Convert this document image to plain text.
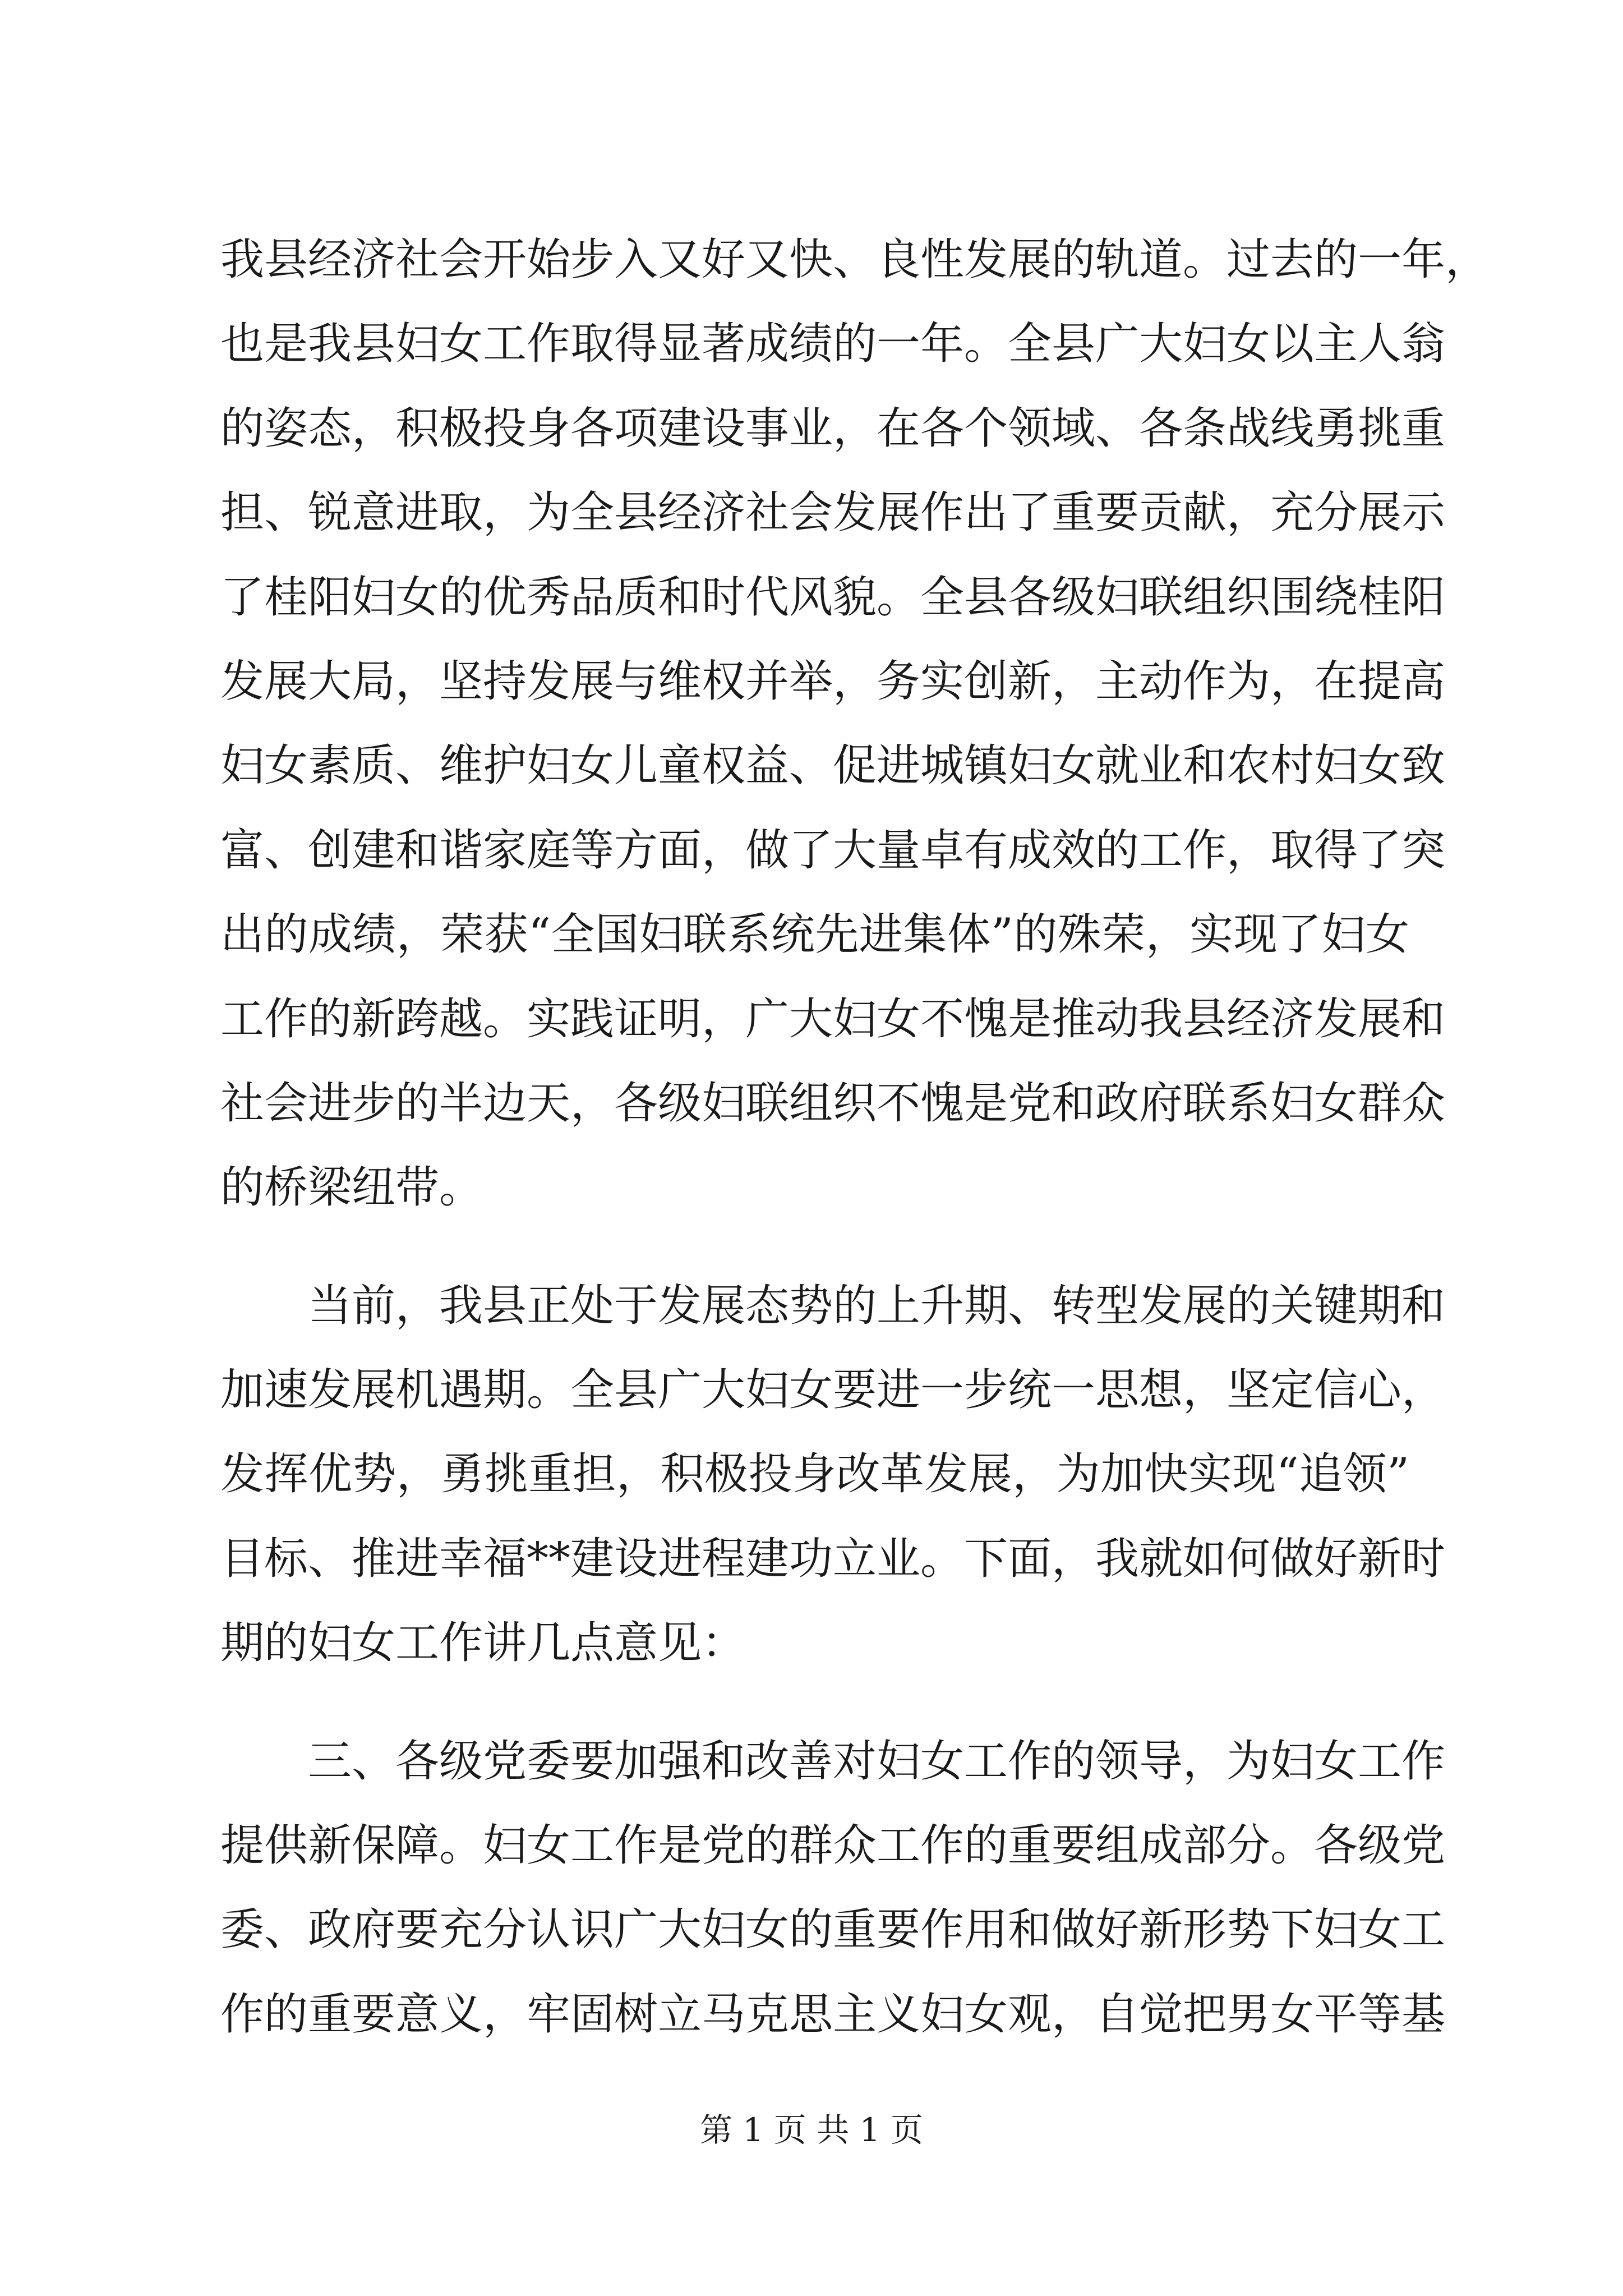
我县经济社会开始步入又好又快、良性发展的轨道。过去的一年，
也是我县妇女工作取得显著成绩的一年。全县广大妇女以主人翁
的姿态，积极投身各项建设事业，在各个领域、各条战线勇挑重
担、锐意进取，为全县经济社会发展作出了重要贡献，充分展示
了桂阳妇女的优秀品质和时代风貌。全县各级妇联组织围绕桂阳
发展大局，坚持发展与维权并举，务实创新，主动作为，在提高
妇女素质、维护妇女儿童权益、促进城镇妇女就业和农村妇女致
富、创建和谐家庭等方面，做了大量卓有成效的工作，取得了突
出的成绩，荣获“全国妇联系统先进集体”的殊荣，实现了妇女
工作的新跨越。实践证明，广大妇女不愧是推动我县经济发展和
社会进步的半边天，各级妇联组织不愧是党和政府联系妇女群众
的桥梁纽带。
当前，我县正处于发展态势的上升期、转型发展的关键期和
加速发展机遇期。全县广大妇女要进一步统一思想，坚定信心，
发挥优势，勇挑重担，积极投身改革发展，为加快实现“追领”
目标、推进幸福**建设进程建功立业。下面，我就如何做好新时
期的妇女工作讲几点意见：
三、各级党委要加强和改善对妇女工作的领导，为妇女工作
提供新保障。妇女工作是党的群众工作的重要组成部分。各级党
委、政府要充分认识广大妇女的重要作用和做好新形势下妇女工
作的重要意义，牢固树立马克思主义妇女观，自觉把男女平等基
第 1 页 共 1 页
